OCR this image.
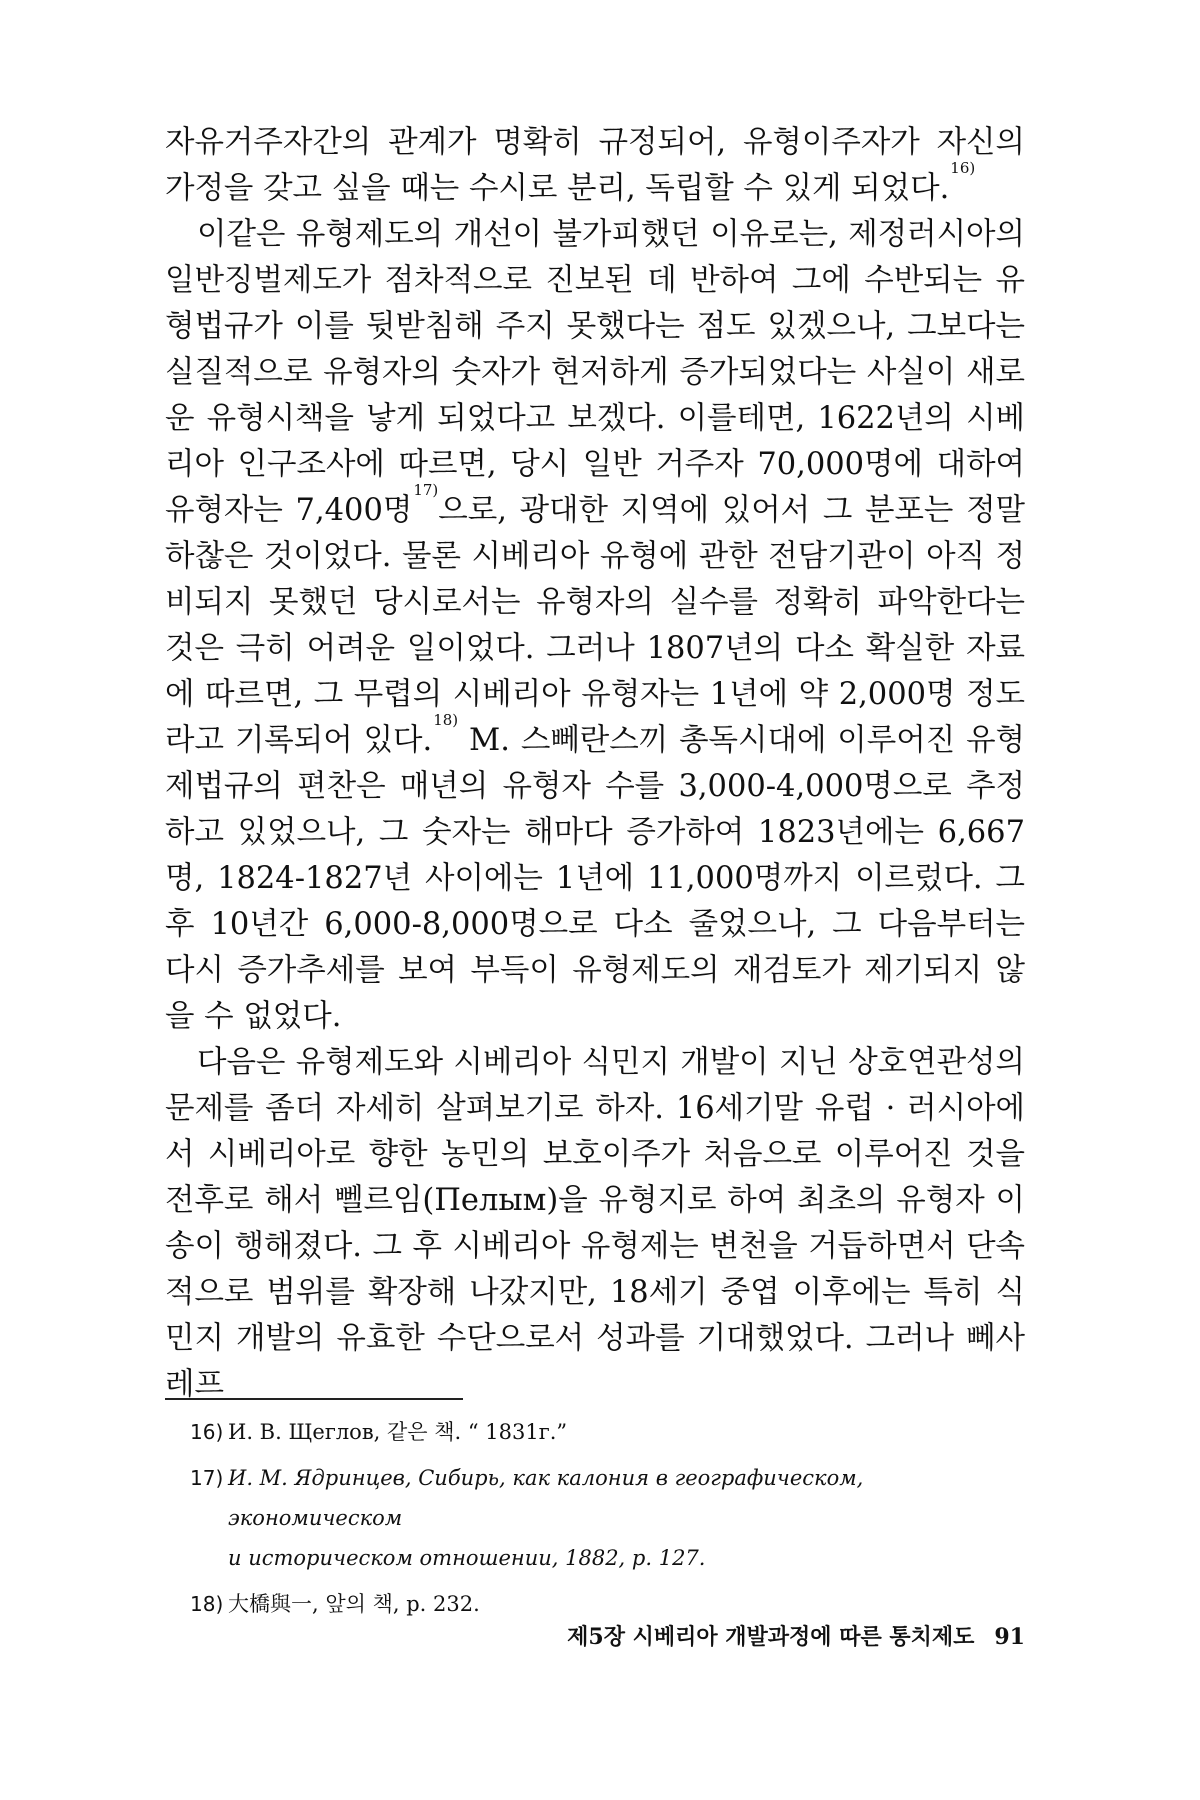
자유거주자간의 관계가 명확히 규정되어, 유형이주자가 자신의 가정을 갖고 싶을 때는 수시로 분리, 독립할 수 있게 되었다.$^{16)}$

이같은 유형제도의 개선이 불가피했던 이유로는, 제정러시아의 일반징벌제도가 점차적으로 진보된 데 반하여 그에 수반되는 유형법규가 이를 뒷받침해 주지 못했다는 점도 있겠으나, 그보다는 실질적으로 유형자의 숫자가 현저하게 증가되었다는 사실이 새로운 유형시책을 낳게 되었다고 보겠다. 이를테면, 1622년의 시베리아 인구조사에 따르면, 당시 일반 거주자 70,000명에 대하여 유형자는 7,400명$^{17)}$으로, 광대한 지역에 있어서 그 분포는 정말 하찮은 것이었다. 물론 시베리아 유형에 관한 전담기관이 아직 정비되지 못했던 당시로서는 유형자의 실수를 정확히 파악한다는 것은 극히 어려운 일이었다. 그러나 1807년의 다소 확실한 자료에 따르면, 그 무렵의 시베리아 유형자는 1년에 약 2,000명 정도라고 기록되어 있다.$^{18)}$ M. 스뻬란스끼 총독시대에 이루어진 유형 제법규의 편찬은 매년의 유형자 수를 3,000-4,000명으로 추정하고 있었으나, 그 숫자는 해마다 증가하여 1823년에는 6,667명, 1824-1827년 사이에는 1년에 11,000명까지 이르렀다. 그 후 10년간 6,000-8,000명으로 다소 줄었으나, 그 다음부터는 다시 증가추세를 보여 부득이 유형제도의 재검토가 제기되지 않을 수 없었다.

다음은 유형제도와 시베리아 식민지 개발이 지닌 상호연관성의 문제를 좀더 자세히 살펴보기로 하자. 16세기말 유럽 · 러시아에서 시베리아로 향한 농민의 보호이주가 처음으로 이루어진 것을 전후로 해서 뻴르임(Пелым)을 유형지로 하여 최초의 유형자 이송이 행해졌다. 그 후 시베리아 유형제는 변천을 거듭하면서 단속적으로 범위를 확장해 나갔지만, 18세기 중엽 이후에는 특히 식민지 개발의 유효한 수단으로서 성과를 기대했었다. 그러나 뻬사레프

16) И. В. Щеглов, 같은 책. “ 1831г.”
17) И. М. Ядринцев, Сибирь, как калония в географическом, экономическом
и историческом отношении, 1882, р. 127.
18) 大橋與一, 앞의 책, p. 232.
제5장 시베리아 개발과정에 따른 통치제도 91
